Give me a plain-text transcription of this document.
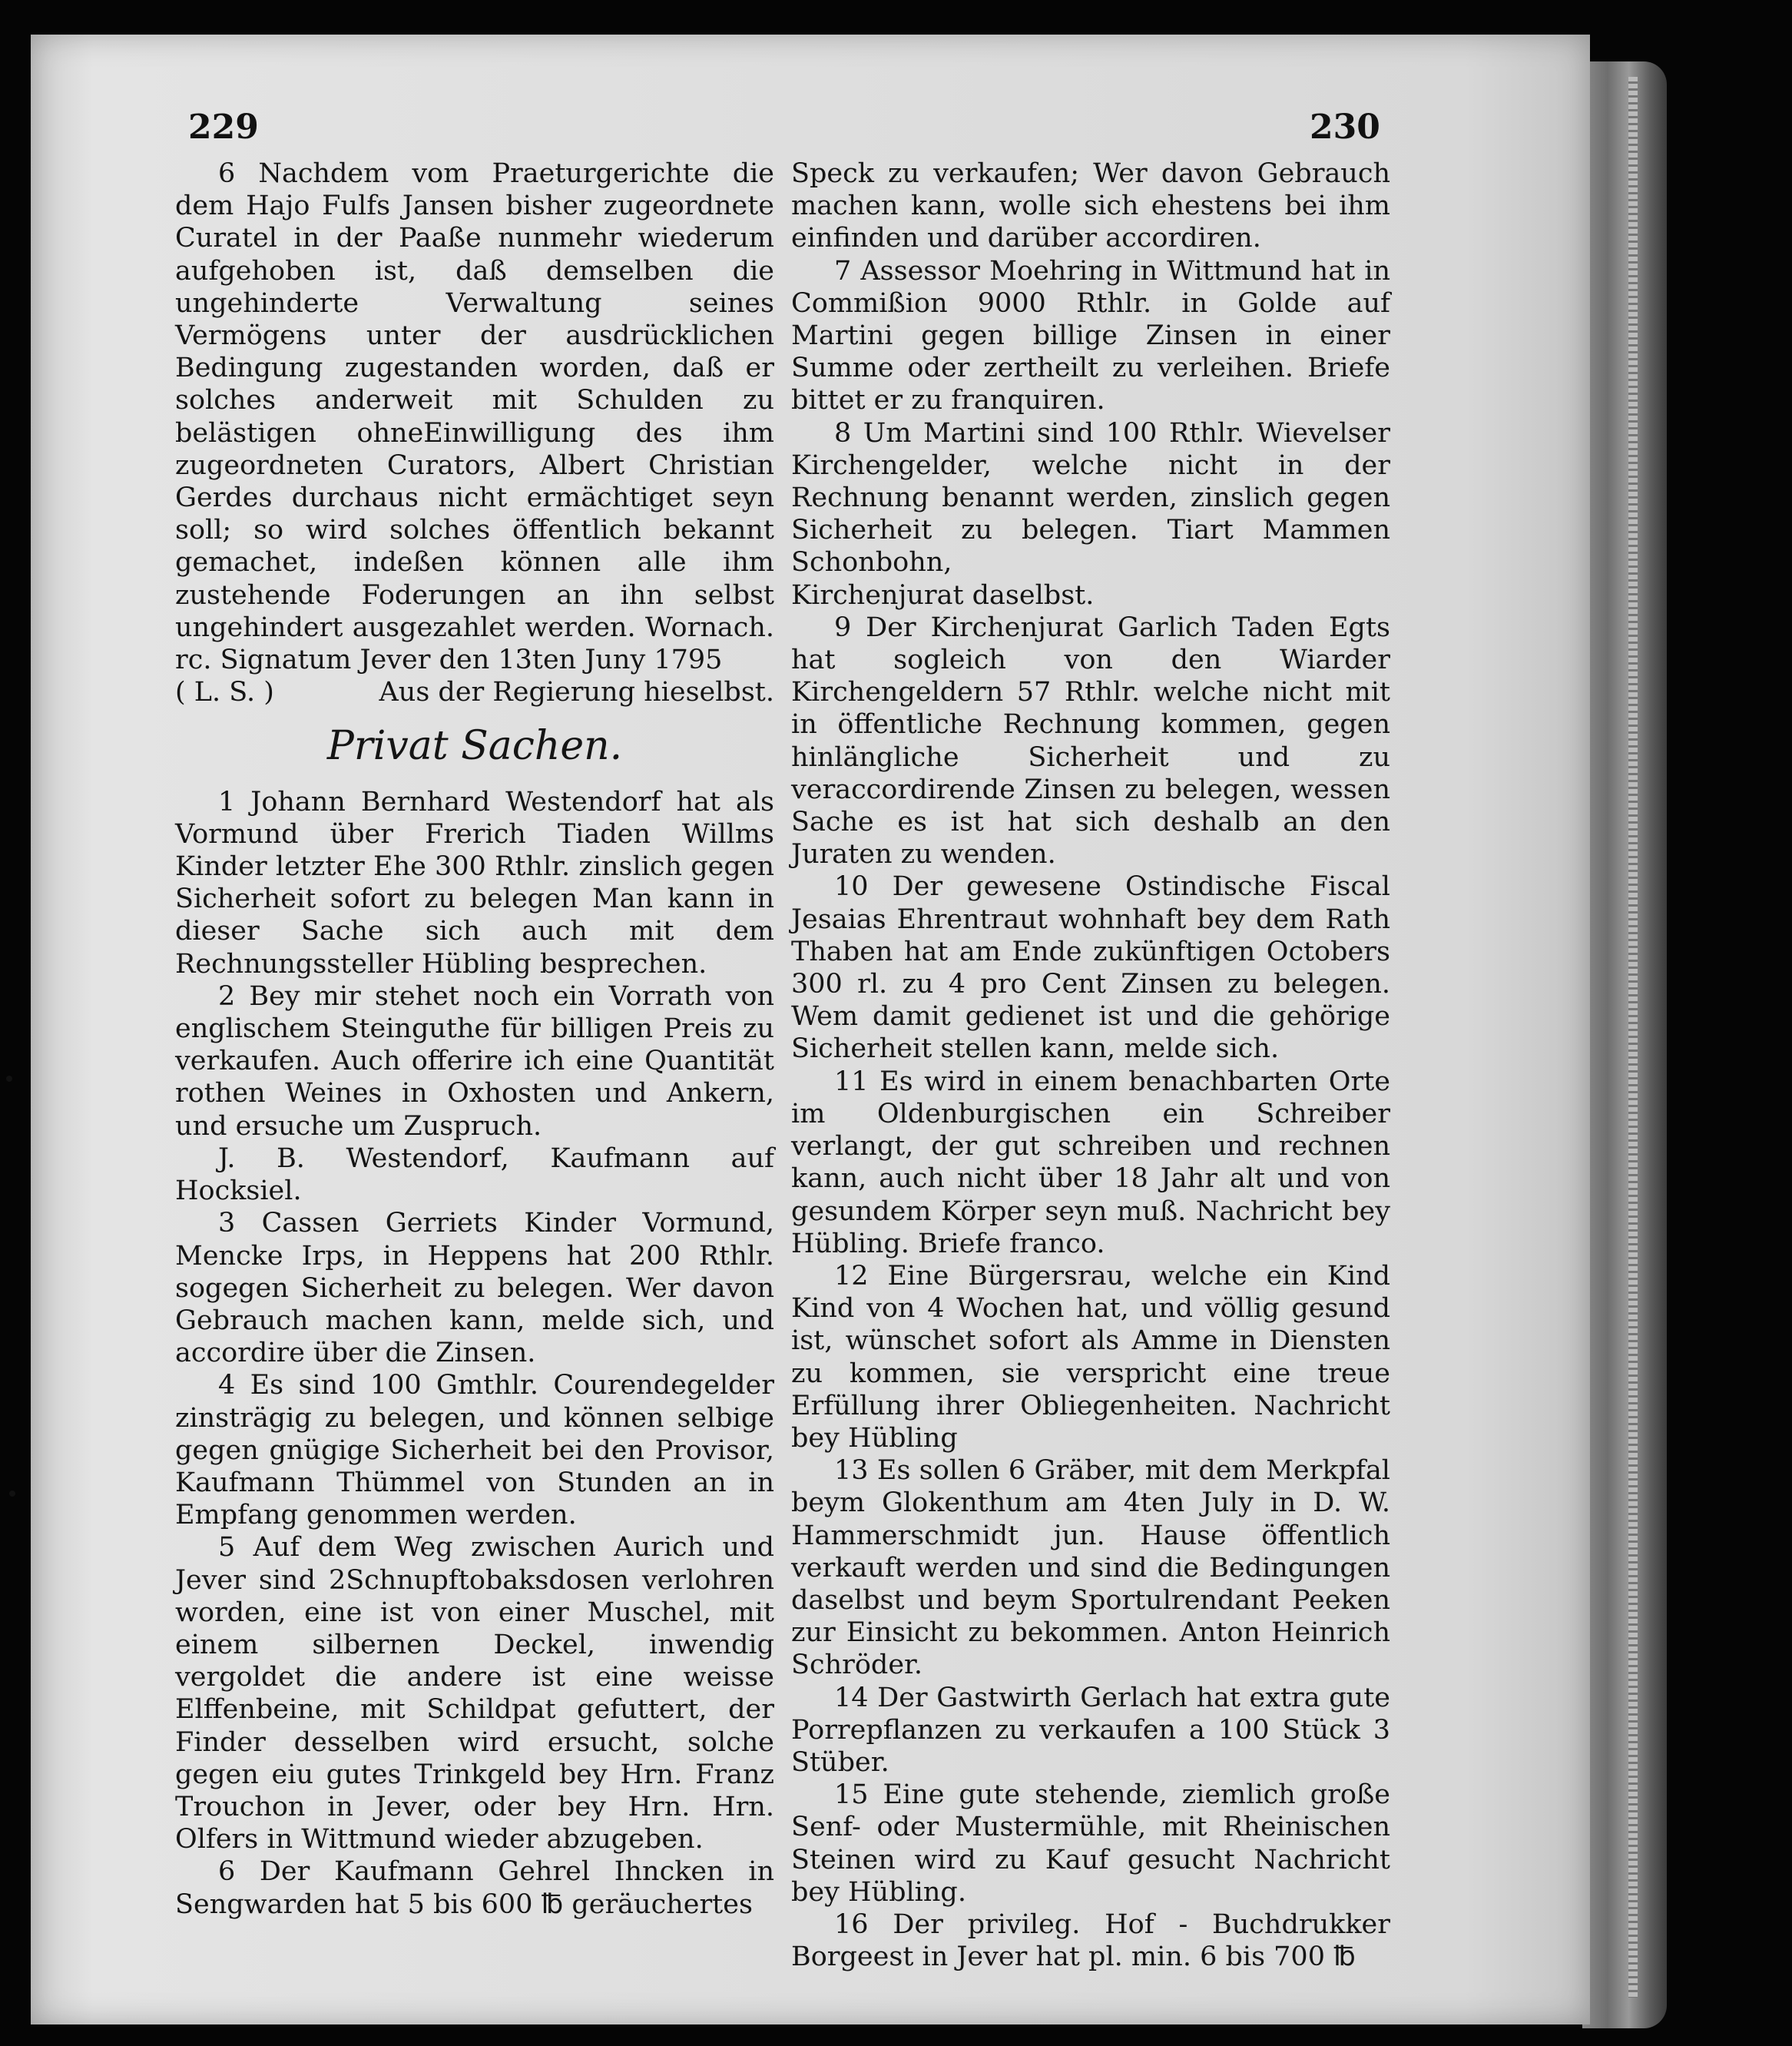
229	230

6 Nachdem vom Praeturgerichte die dem Hajo Fulfs Jansen bisher zugeordnete Curatel in der Paaße nunmehr wiederum aufgehoben ist, daß demselben die ungehinderte Verwaltung seines Vermögens unter der ausdrücklichen Bedingung zugestanden worden, daß er solches anderweit mit Schulden zu belästigen ohneEinwilligung des ihm zugeordneten Curators, Albert Christian Gerdes durchaus nicht ermächtiget seyn soll; so wird solches öffentlich bekannt gemachet, indeßen können alle ihm zustehende Foderungen an ihn selbst ungehindert ausgezahlet werden. Wornach. rc. Signatum Jever den 13ten Juny 1795

( L. S. )	Aus der Regierung hieselbst.
Privat Sachen.

1 Johann Bernhard Westendorf hat als Vormund über Frerich Tiaden Willms Kinder letzter Ehe 300 Rthlr. zinslich gegen Sicherheit sofort zu belegen Man kann in dieser Sache sich auch mit dem Rechnungssteller Hübling besprechen.

2 Bey mir stehet noch ein Vorrath von englischem Steinguthe für billigen Preis zu verkaufen. Auch offerire ich eine Quantität rothen Weines in Oxhosten und Ankern, und ersuche um Zuspruch.

J. B. Westendorf, Kaufmann auf Hocksiel.

3 Cassen Gerriets Kinder Vormund, Mencke Irps, in Heppens hat 200 Rthlr. sogegen Sicherheit zu belegen. Wer davon Gebrauch machen kann, melde sich, und accordire über die Zinsen.

4 Es sind 100 Gmthlr. Courendegelder zinsträgig zu belegen, und können selbige gegen gnügige Sicherheit bei den Provisor, Kaufmann Thümmel von Stunden an in Empfang genommen werden.

5 Auf dem Weg zwischen Aurich und Jever sind 2Schnupftobaksdosen verlohren worden, eine ist von einer Muschel, mit einem silbernen Deckel, inwendig vergoldet die andere ist eine weisse Elffenbeine, mit Schildpat gefuttert, der Finder desselben wird ersucht, solche gegen eiu gutes Trinkgeld bey Hrn. Franz Trouchon in Jever, oder bey Hrn. Hrn. Olfers in Wittmund wieder abzugeben.

6 Der Kaufmann Gehrel Ihncken in Sengwarden hat 5 bis 600 ℔ geräuchertes

Speck zu verkaufen; Wer davon Gebrauch machen kann, wolle sich ehestens bei ihm einfinden und darüber accordiren.

7 Assessor Moehring in Wittmund hat in Commißion 9000 Rthlr. in Golde auf Martini gegen billige Zinsen in einer Summe oder zertheilt zu verleihen. Briefe bittet er zu franquiren.

8 Um Martini sind 100 Rthlr. Wievelser Kirchengelder, welche nicht in der Rechnung benannt werden, zinslich gegen Sicherheit zu belegen. Tiart Mammen Schonbohn,

Kirchenjurat daselbst.

9 Der Kirchenjurat Garlich Taden Egts hat sogleich von den Wiarder Kirchengeldern 57 Rthlr. welche nicht mit in öffentliche Rechnung kommen, gegen hinlängliche Sicherheit und zu veraccordirende Zinsen zu belegen, wessen Sache es ist hat sich deshalb an den Juraten zu wenden.

10 Der gewesene Ostindische Fiscal Jesaias Ehrentraut wohnhaft bey dem Rath Thaben hat am Ende zukünftigen Octobers 300 rl. zu 4 pro Cent Zinsen zu belegen. Wem damit gedienet ist und die gehörige Sicherheit stellen kann, melde sich.

11 Es wird in einem benachbarten Orte im Oldenburgischen ein Schreiber verlangt, der gut schreiben und rechnen kann, auch nicht über 18 Jahr alt und von gesundem Körper seyn muß. Nachricht bey Hübling. Briefe franco.

12 Eine Bürgersrau, welche ein Kind Kind von 4 Wochen hat, und völlig gesund ist, wünschet sofort als Amme in Diensten zu kommen, sie verspricht eine treue Erfüllung ihrer Obliegenheiten. Nachricht bey Hübling

13 Es sollen 6 Gräber, mit dem Merkpfal beym Glokenthum am 4ten July in D. W. Hammerschmidt jun. Hause öffentlich verkauft werden und sind die Bedingungen daselbst und beym Sportulrendant Peeken zur Einsicht zu bekommen. Anton Heinrich Schröder.

14 Der Gastwirth Gerlach hat extra gute Porrepflanzen zu verkaufen a 100 Stück 3 Stüber.

15 Eine gute stehende, ziemlich große Senf- oder Mustermühle, mit Rheinischen Steinen wird zu Kauf gesucht Nachricht bey Hübling.

16 Der privileg. Hof - Buchdrukker Borgeest in Jever hat pl. min. 6 bis 700 ℔
